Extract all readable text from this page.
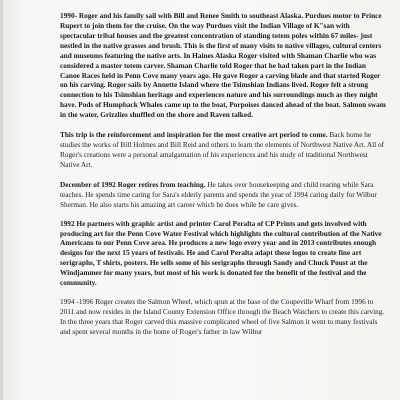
1990- Roger and his family sail with Bill and Renee Smith to southeast Alaska. Purdues motor to Prince Rupert to join them for the cruise. On the way Purdues visit the Indian Village of K"san with spectacular tribal houses and the greatest concentration of standing totem poles within 67 miles- just nestled in the native grasses and brush. This is the first of many visits to native villages, cultural centers and museums featuring the native arts. In Haines Alaska Roger visited with Shaman Charlie who was considered a master totem carver. Shaman Charlie told Roger that he had taken part in the Indian Canoe Races held in Penn Cove many years ago. He gave Roger a carving blade and that started Roger on his carving. Roger sails by Annette Island where the Tsimshian Indians lived. Roger felt a strong connection to his Tsimshian heritage and experiences nature and his surroundings much as they might have. Pods of Humpback Whales came up to the boat, Porpoises danced ahead of the boat. Salmon swam in the water, Grizzlies shuffled on the shore and Raven talked.

This trip is the reinforcement and inspiration for the most creative art period to come. Back home he studies the works of Bill Holmes and Bill Reid and others to learn the elements of Northwest Native Art. All of Roger's creations were a personal amalgamation of his experiences and his study of traditional Northwest Native Art.

December of 1992 Roger retires from teaching. He takes over housekeeping and child rearing while Sara teaches. He spends time caring for Sara's elderly parents and spends the year of 1994 caring daily for Wilbur Sherman. He also starts his amazing art career which he does while he care gives.

1992 He partners with graphic artist and printer Carol Peralta of CP Prints and gets involved with producing art for the Penn Cove Water Festival which highlights the cultural contribution of the Native Americans to our Penn Cove area. He produces a new logo every year and in 2013 contributes enough designs for the next 15 years of festivals. He and Carol Peralta adapt these logos to create fine art serigraphs, T shirts, posters. He sells some of his serigraphs through Sandy and Chuck Poust at the Windjammer for many years, but most of his work is donated for the benefit of the festival and the community.

1994 -1996 Roger creates the Salmon Wheel, which spun at the base of the Coupeville Wharf from 1996 to 2011 and now resides in the Island County Extension Office through the Beach Watchers to create this carving. In the three years that Roger carved this massive complicated wheel of five Salmon it went to many festivals and spent several months in the home of Roger's father in law Wilbur
